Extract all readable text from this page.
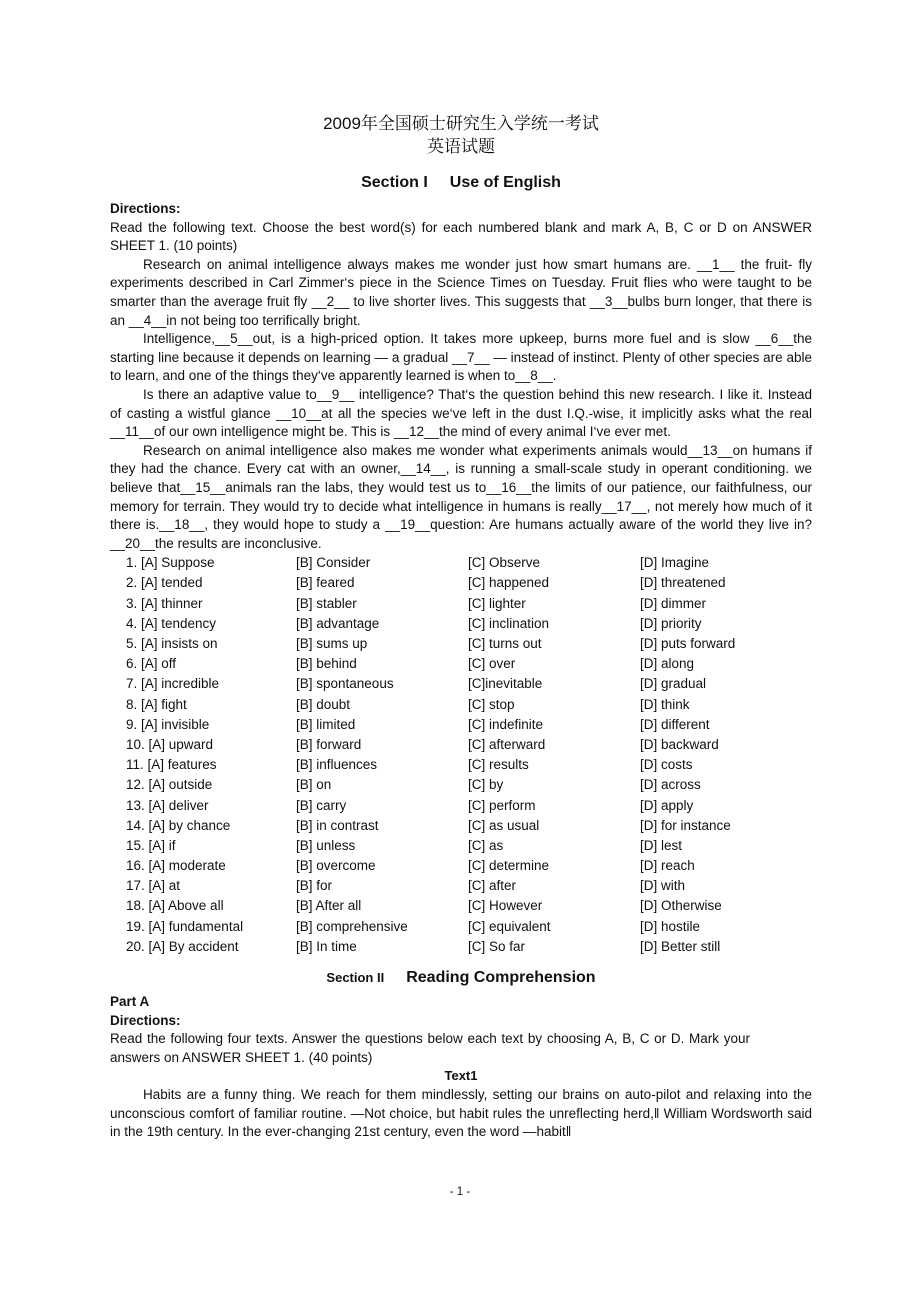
2009年全国硕士研究生入学统一考试
英语试题
Section I Use of English

Directions:

Read the following text. Choose the best word(s) for each numbered blank and mark A, B, C or D on ANSWER SHEET 1. (10 points)

Research on animal intelligence always makes me wonder just how smart humans are. __1__ the fruit- fly experiments described in Carl Zimmer‘s piece in the Science Times on Tuesday. Fruit flies who were taught to be smarter than the average fruit fly __2__ to live shorter lives. This suggests that __3__bulbs burn longer, that there is an __4__in not being too terrifically bright.

Intelligence,__5__out, is a high-priced option. It takes more upkeep, burns more fuel and is slow __6__the starting line because it depends on learning — a gradual __7__ — instead of instinct. Plenty of other species are able to learn, and one of the things they‘ve apparently learned is when to__8__.

Is there an adaptive value to__9__ intelligence? That‘s the question behind this new research. I like it. Instead of casting a wistful glance __10__at all the species we‘ve left in the dust I.Q.-wise, it implicitly asks what the real __11__of our own intelligence might be. This is __12__the mind of every animal I‘ve ever met.

Research on animal intelligence also makes me wonder what experiments animals would__13__on humans if they had the chance. Every cat with an owner,__14__, is running a small-scale study in operant conditioning. we believe that__15__animals ran the labs, they would test us to__16__the limits of our patience, our faithfulness, our memory for terrain. They would try to decide what intelligence in humans is really__17__, not merely how much of it there is.__18__, they would hope to study a __19__question: Are humans actually aware of the world they live in?__20__the results are inconclusive.

1. [A] Suppose	[B] Consider	[C] Observe	[D] Imagine
2. [A] tended	[B] feared	[C] happened	[D] threatened
3. [A] thinner	[B] stabler	[C] lighter	[D] dimmer
4. [A] tendency	[B] advantage	[C] inclination	[D] priority
5. [A] insists on	[B] sums up	[C] turns out	[D] puts forward
6. [A] off	[B] behind	[C] over	[D] along
7. [A] incredible	[B] spontaneous	[C]inevitable	[D] gradual
8. [A] fight	[B] doubt	[C] stop	[D] think
9. [A] invisible	[B] limited	[C] indefinite	[D] different
10. [A] upward	[B] forward	[C] afterward	[D] backward
11. [A] features	[B] influences	[C] results	[D] costs
12. [A] outside	[B] on	[C] by	[D] across
13. [A] deliver	[B] carry	[C] perform	[D] apply
14. [A] by chance	[B] in contrast	[C] as usual	[D] for instance
15. [A] if	[B] unless	[C] as	[D] lest
16. [A] moderate	[B] overcome	[C] determine	[D] reach
17. [A] at	[B] for	[C] after	[D] with
18. [A] Above all	[B] After all	[C] However	[D] Otherwise
19. [A] fundamental	[B] comprehensive	[C] equivalent	[D] hostile
20. [A] By accident	[B] In time	[C] So far	[D] Better still
Section II Reading Comprehension

Part A

Directions:

Read the following four texts. Answer the questions below each text by choosing A, B, C or D. Mark your answers on ANSWER SHEET 1. (40 points)

Text1

Habits are a funny thing. We reach for them mindlessly, setting our brains on auto-pilot and relaxing into the unconscious comfort of familiar routine. —Not choice, but habit rules the unreflecting herd,‖ William Wordsworth said in the 19th century. In the ever-changing 21st century, even the word —habit‖

- 1 -
